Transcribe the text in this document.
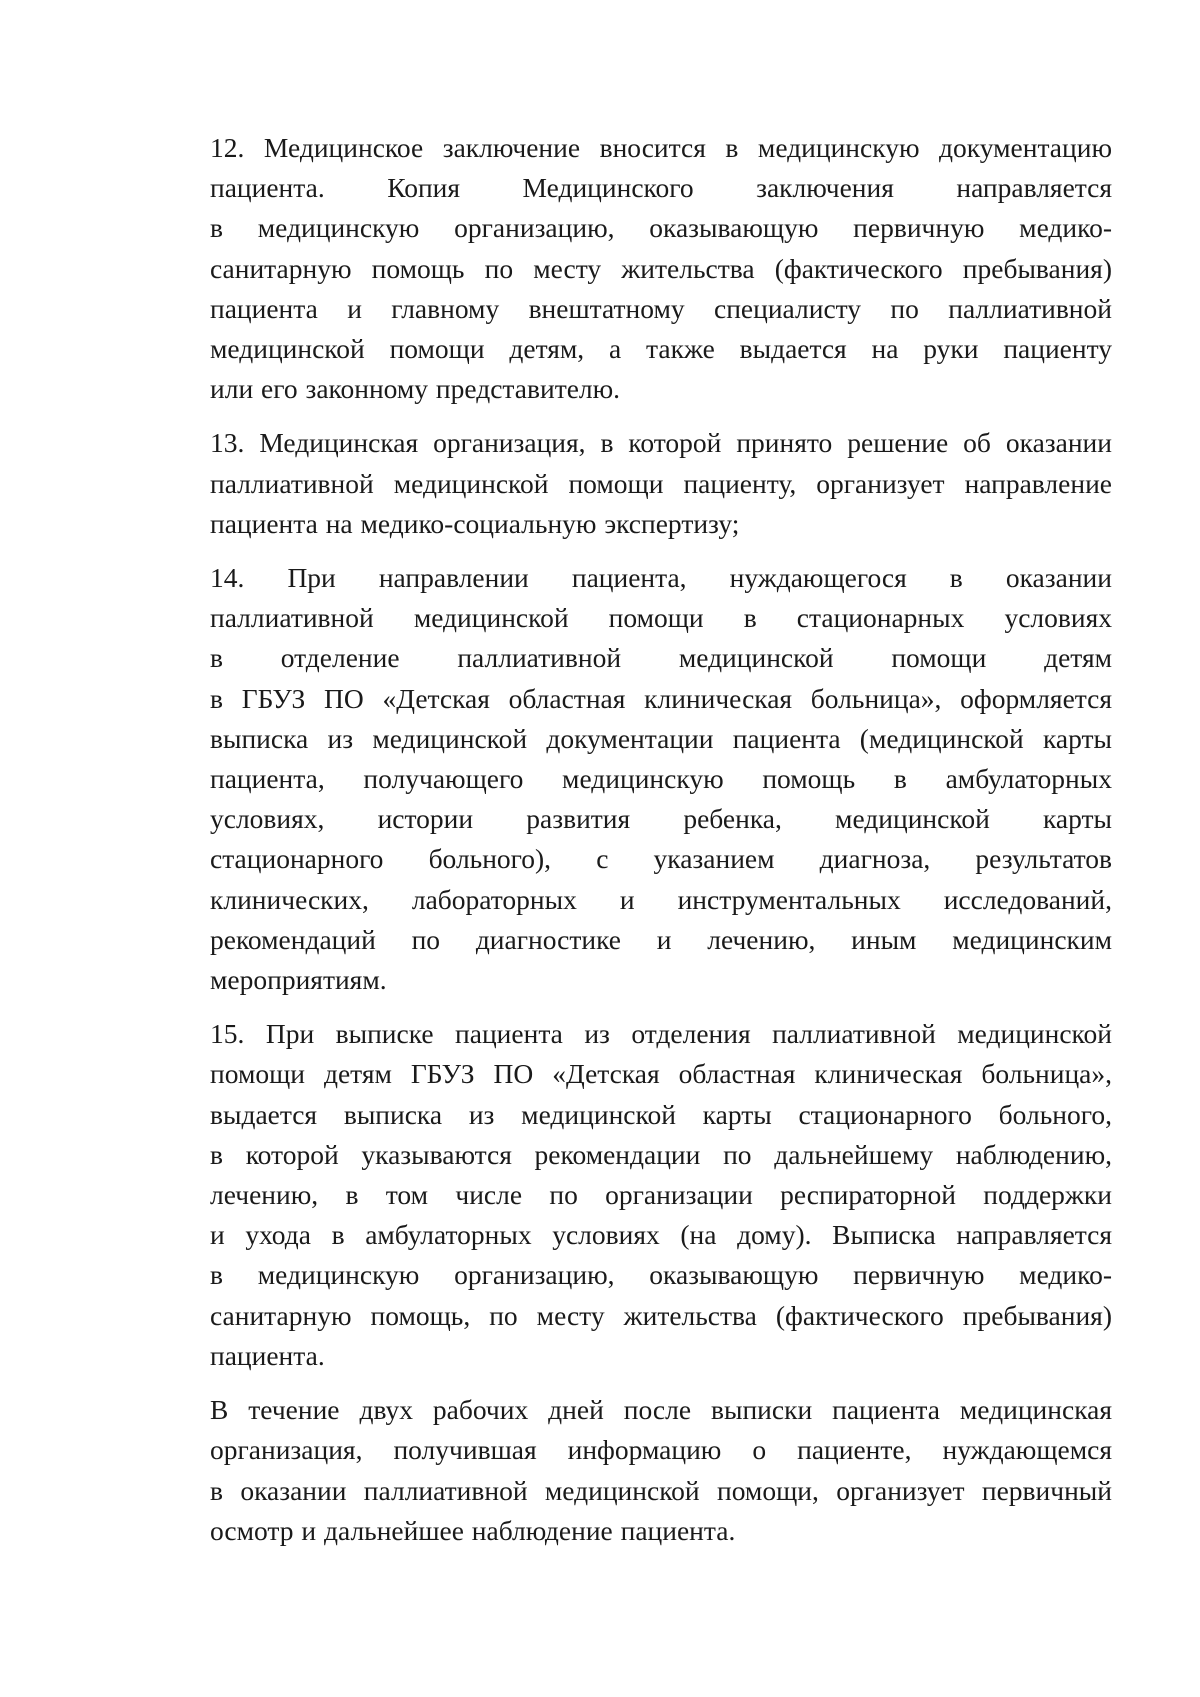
12. Медицинское заключение вносится в медицинскую документацию
пациента. Копия Медицинского заключения направляется
в медицинскую организацию, оказывающую первичную медико-
санитарную помощь по месту жительства (фактического пребывания)
пациента и главному внештатному специалисту по паллиативной
медицинской помощи детям, а также выдается на руки пациенту
или его законному представителю.

13. Медицинская организация, в которой принято решение об оказании
паллиативной медицинской помощи пациенту, организует направление
пациента на медико-социальную экспертизу;

14. При направлении пациента, нуждающегося в оказании
паллиативной медицинской помощи в стационарных условиях
в отделение паллиативной медицинской помощи детям
в ГБУЗ ПО «Детская областная клиническая больница», оформляется
выписка из медицинской документации пациента (медицинской карты
пациента, получающего медицинскую помощь в амбулаторных
условиях, истории развития ребенка, медицинской карты
стационарного больного), с указанием диагноза, результатов
клинических, лабораторных и инструментальных исследований,
рекомендаций по диагностике и лечению, иным медицинским
мероприятиям.

15. При выписке пациента из отделения паллиативной медицинской
помощи детям ГБУЗ ПО «Детская областная клиническая больница»,
выдается выписка из медицинской карты стационарного больного,
в которой указываются рекомендации по дальнейшему наблюдению,
лечению, в том числе по организации респираторной поддержки
и ухода в амбулаторных условиях (на дому). Выписка направляется
в медицинскую организацию, оказывающую первичную медико-
санитарную помощь, по месту жительства (фактического пребывания)
пациента.

В течение двух рабочих дней после выписки пациента медицинская
организация, получившая информацию о пациенте, нуждающемся
в оказании паллиативной медицинской помощи, организует первичный
осмотр и дальнейшее наблюдение пациента.
